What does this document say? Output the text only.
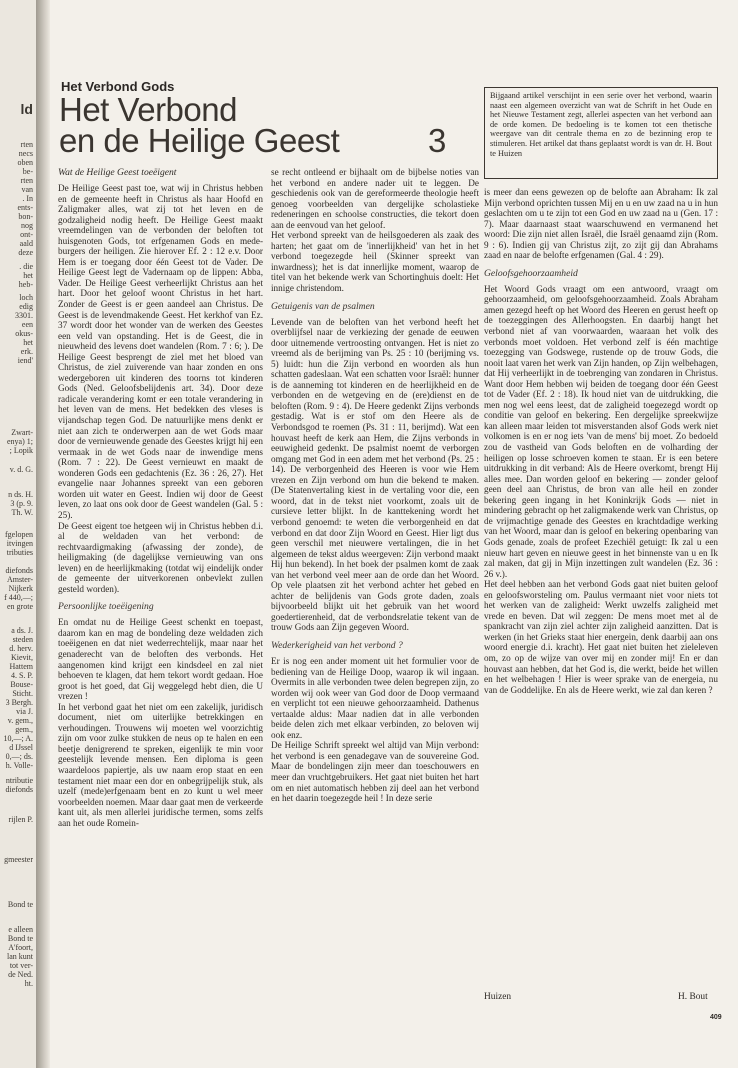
ld
rten
necs
oben
be-
rten
van
. In
ents-
bon-
nog
ont-
aald
deze
. die
het
heb-
loch
edig
3301.
een
okus-
het
erk.
iend'
Zwart-
enya) 1;
; Lopik
v. d. G.
n ds. H.
3 (p. 9.
Th. W.
fgelopen
itvingen
tributies
diefonds
Amster-
Nijkerk
f 440,—;
en grote
a ds. J.
steden
d. herv.
Kievit,
Hattem
4. S. P.
Bouse-
Sticht.
3 Bergh.
via J.
v. gem.,
gem.,
10,—; A.
d IJssel
0,—; ds.
h. Volle-
ntributie
diefonds
rijlen P.
gmeester
Bond te
e alleen
Bond te
A'foort,
lan kunt
tot ver-
de Ned.
ht.
Het Verbond Gods
Het Verbond
en de Heilige Geest	3
Bijgaand artikel verschijnt in een serie over het verbond, waarin naast een algemeen overzicht van wat de Schrift in het Oude en het Nieuwe Testament zegt, allerlei aspecten van het verbond aan de orde komen. De bedoeling is te komen tot een thetische weergave van dit centrale thema en zo de bezinning erop te stimuleren. Het artikel dat thans geplaatst wordt is van dr. H. Bout te Huizen
Wat de Heilige Geest toeëigent

De Heilige Geest past toe, wat wij in Christus hebben en de gemeente heeft in Christus als haar Hoofd en Zaligmaker alles, wat zij tot het leven en de godzaligheid nodig heeft. De Heilige Geest maakt vreemdelingen van de verbonden der beloften tot huisgenoten Gods, tot erfgenamen Gods en medeburgers der heiligen. Zie hierover Ef. 2 : 12 e.v. Door Hem is er toegang door één Geest tot de Vader. De Heilige Geest legt de Vadernaam op de lippen: Abba, Vader. De Heilige Geest verheerlijkt Christus aan het hart. Door het geloof woont Christus in het hart. Zonder de Geest is er geen aandeel aan Christus. De Geest is de levendmakende Geest. Het kerkhof van Ez. 37 wordt door het wonder van de werken des Geestes een veld van opstanding. Het is de Geest, die in nieuwheid des levens doet wandelen (Rom. 7 : 6; ). De Heilige Geest besprengt de ziel met het bloed van Christus, de ziel zuiverende van haar zonden en ons wedergeboren uit kinderen des toorns tot kinderen Gods (Ned. Geloofsbelijdenis art. 34). Door deze radicale verandering komt er een totale verandering in het leven van de mens. Het bedekken des vleses is vijandschap tegen God. De natuurlijke mens denkt er niet aan zich te onderwerpen aan de wet Gods maar door de vernieuwende genade des Geestes krijgt hij een vermaak in de wet Gods naar de inwendige mens (Rom. 7 : 22). De Geest vernieuwt en maakt de wonderen Gods een gedachtenis (Ez. 36 : 26, 27). Het evangelie naar Johannes spreekt van een geboren worden uit water en Geest. Indien wij door de Geest leven, zo laat ons ook door de Geest wandelen (Gal. 5 : 25).

De Geest eigent toe hetgeen wij in Christus hebben d.i. al de weldaden van het verbond: de rechtvaardigmaking (afwassing der zonde), de heiligmaking (de dagelijkse vernieuwing van ons leven) en de heerlijkmaking (totdat wij eindelijk onder de gemeente der uitverkorenen onbevlekt zullen gesteld worden).

Persoonlijke toeëigening

En omdat nu de Heilige Geest schenkt en toepast, daarom kan en mag de bondeling deze weldaden zich toeëigenen en dat niet wederrechtelijk, maar naar het genaderecht van de beloften des verbonds. Het aangenomen kind krijgt een kindsdeel en zal niet behoeven te klagen, dat hem tekort wordt gedaan. Hoe groot is het goed, dat Gij weggelegd hebt dien, die U vrezen !

In het verbond gaat het niet om een zakelijk, juridisch document, niet om uiterlijke betrekkingen en verhoudingen. Trouwens wij moeten wel voorzichtig zijn om voor zulke stukken de neus op te halen en een beetje denigrerend te spreken, eigenlijk te min voor geestelijk levende mensen. Een diploma is geen waardeloos papiertje, als uw naam erop staat en een testament niet maar een dor en onbegrijpelijk stuk, als uzelf (mede)erfgenaam bent en zo kunt u wel meer voorbeelden noemen. Maar daar gaat men de verkeerde kant uit, als men allerlei juridische termen, soms zelfs aan het oude Romein-

se recht ontleend er bijhaalt om de bijbelse noties van het verbond en andere nader uit te leggen. De geschiedenis ook van de gereformeerde theologie heeft genoeg voorbeelden van dergelijke scholastieke redeneringen en schoolse constructies, die tekort doen aan de eenvoud van het geloof.

Het verbond spreekt van de heilsgoederen als zaak des harten; het gaat om de 'innerlijkheid' van het in het verbond toegezegde heil (Skinner spreekt van inwardness); het is dat innerlijke moment, waarop de titel van het bekende werk van Schortinghuis doelt: Het innige christendom.

Getuigenis van de psalmen

Levende van de beloften van het verbond heeft het overblijfsel naar de verkiezing der genade de eeuwen door uitnemende vertroosting ontvangen. Het is niet zo vreemd als de berijming van Ps. 25 : 10 (berijming vs. 5) luidt: hun die Zijn verbond en woorden als hun schatten gadeslaan. Wat een schatten voor Israël: hunner is de aanneming tot kinderen en de heerlijkheid en de verbonden en de wetgeving en de (ere)dienst en de beloften (Rom. 9 : 4). De Heere gedenkt Zijns verbonds gestadig. Wat is er stof om den Heere als de Verbondsgod te roemen (Ps. 31 : 11, berijmd). Wat een houvast heeft de kerk aan Hem, die Zijns verbonds in eeuwigheid gedenkt. De psalmist noemt de verborgen omgang met God in een adem met het verbond (Ps. 25 : 14). De verborgenheid des Heeren is voor wie Hem vrezen en Zijn verbond om hun die bekend te maken. (De Statenvertaling kiest in de vertaling voor die, een woord, dat in de tekst niet voorkomt, zoals uit de cursieve letter blijkt. In de kanttekening wordt het verbond genoemd: te weten die verborgenheid en dat verbond en dat door Zijn Woord en Geest. Hier ligt dus geen verschil met nieuwere vertalingen, die in het algemeen de tekst aldus weergeven: Zijn verbond maakt Hij hun bekend). In het boek der psalmen komt de zaak van het verbond veel meer aan de orde dan het Woord. Op vele plaatsen zit het verbond achter het gebed en achter de belijdenis van Gods grote daden, zoals bijvoorbeeld blijkt uit het gebruik van het woord goedertierenheid, dat de verbondsrelatie tekent van de trouw Gods aan Zijn gegeven Woord.

Wederkerigheid van het verbond ?

Er is nog een ander moment uit het formulier voor de bediening van de Heilige Doop, waarop ik wil ingaan. Overmits in alle verbonden twee delen begrepen zijn, zo worden wij ook weer van God door de Doop vermaand en verplicht tot een nieuwe gehoorzaamheid. Dathenus vertaalde aldus: Maar nadien dat in alle verbonden beide delen zich met elkaar verbinden, zo beloven wij ook enz.

De Heilige Schrift spreekt wel altijd van Mijn verbond: het verbond is een genadegave van de souvereine God. Maar de bondelingen zijn meer dan toeschouwers en meer dan vruchtgebruikers. Het gaat niet buiten het hart om en niet automatisch hebben zij deel aan het verbond en het daarin toegezegde heil ! In deze serie

is meer dan eens gewezen op de belofte aan Abraham: Ik zal Mijn verbond oprichten tussen Mij en u en uw zaad na u in hun geslachten om u te zijn tot een God en uw zaad na u (Gen. 17 : 7). Maar daarnaast staat waarschuwend en vermanend het woord: Die zijn niet allen Israël, die Israël genaamd zijn (Rom. 9 : 6). Indien gij van Christus zijt, zo zijt gij dan Abrahams zaad en naar de belofte erfgenamen (Gal. 4 : 29).

Geloofsgehoorzaamheid

Het Woord Gods vraagt om een antwoord, vraagt om gehoorzaamheid, om geloofsgehoorzaamheid. Zoals Abraham amen gezegd heeft op het Woord des Heeren en gerust heeft op de toezeggingen des Allerhoogsten. En daarbij hangt het verbond niet af van voorwaarden, waaraan het volk des verbonds moet voldoen. Het verbond zelf is één machtige toezegging van Godswege, rustende op de trouw Gods, die nooit laat varen het werk van Zijn handen, op Zijn welbehagen, dat Hij verheerlijkt in de toebrenging van zondaren in Christus. Want door Hem hebben wij beiden de toegang door één Geest tot de Vader (Ef. 2 : 18). Ik houd niet van de uitdrukking, die men nog wel eens leest, dat de zaligheid toegezegd wordt op conditie van geloof en bekering. Een dergelijke spreekwijze kan alleen maar leiden tot misverstanden alsof Gods werk niet volkomen is en er nog iets 'van de mens' bij moet. Zo bedoeld zou de vastheid van Gods beloften en de volharding der heiligen op losse schroeven komen te staan. Er is een betere uitdrukking in dit verband: Als de Heere overkomt, brengt Hij alles mee. Dan worden geloof en bekering — zonder geloof geen deel aan Christus, de bron van alle heil en zonder bekering geen ingang in het Koninkrijk Gods — niet in mindering gebracht op het zaligmakende werk van Christus, op de vrijmachtige genade des Geestes en krachtdadige werking van het Woord, maar dan is geloof en bekering openbaring van Gods genade, zoals de profeet Ezechiël getuigt: Ik zal u een nieuw hart geven en nieuwe geest in het binnenste van u en Ik zal maken, dat gij in Mijn inzettingen zult wandelen (Ez. 36 : 26 v.).

Het deel hebben aan het verbond Gods gaat niet buiten geloof en geloofsworsteling om. Paulus vermaant niet voor niets tot het werken van de zaligheid: Werkt uwzelfs zaligheid met vrede en beven. Dat wil zeggen: De mens moet met al de spankracht van zijn ziel achter zijn zaligheid aanzitten. Dat is werken (in het Grieks staat hier energein, denk daarbij aan ons woord energie d.i. kracht). Het gaat niet buiten het zieleleven om, zo op de wijze van over mij en zonder mij! En er dan houvast aan hebben, dat het God is, die werkt, beide het willen en het welbehagen ! Hier is weer sprake van de energeia, nu van de Goddelijke. En als de Heere werkt, wie zal dan keren ?

Huizen	H. Bout
409
